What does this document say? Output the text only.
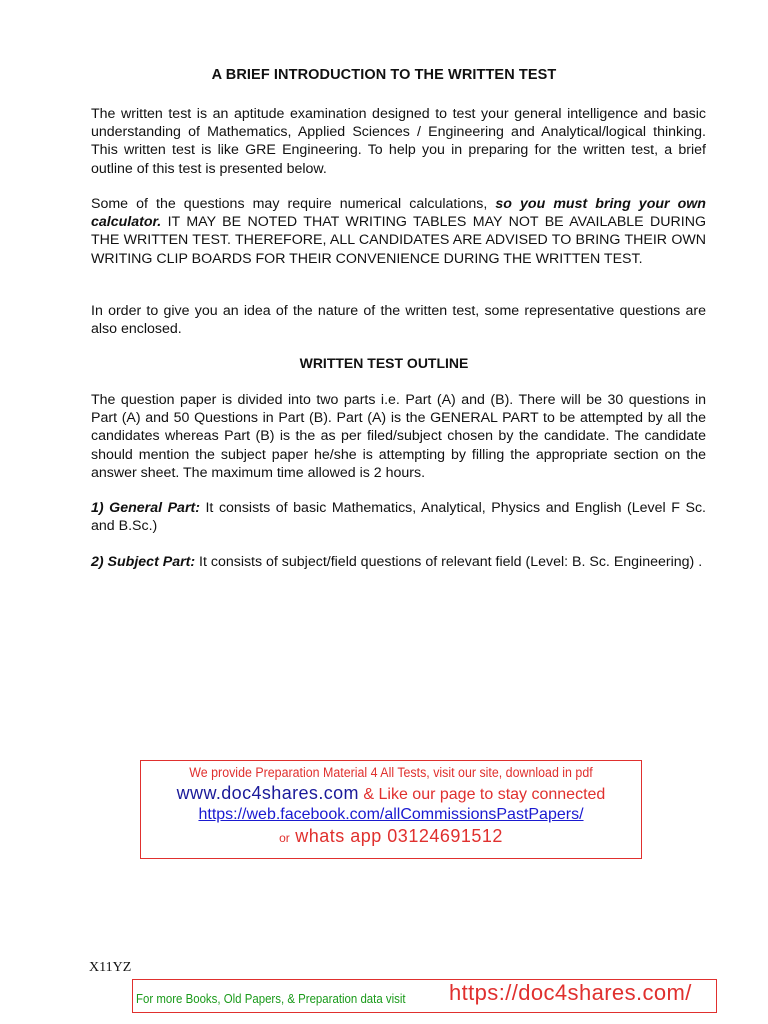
A BRIEF INTRODUCTION TO THE WRITTEN TEST
The written test is an aptitude examination designed to test your general intelligence and basic understanding of Mathematics, Applied Sciences / Engineering and Analytical/logical thinking. This written test is like GRE Engineering. To help you in preparing for the written test, a brief outline of this test is presented below.
Some of the questions may require numerical calculations, so you must bring your own calculator. IT MAY BE NOTED THAT WRITING TABLES MAY NOT BE AVAILABLE DURING THE WRITTEN TEST. THEREFORE, ALL CANDIDATES ARE ADVISED TO BRING THEIR OWN WRITING CLIP BOARDS FOR THEIR CONVENIENCE DURING THE WRITTEN TEST.
In order to give you an idea of the nature of the written test, some representative questions are also enclosed.
WRITTEN TEST OUTLINE
The question paper is divided into two parts i.e. Part (A) and (B). There will be 30 questions in Part (A) and 50 Questions in Part (B). Part (A) is the GENERAL PART to be attempted by all the candidates whereas Part (B) is the as per filed/subject chosen by the candidate. The candidate should mention the subject paper he/she is attempting by filling the appropriate section on the answer sheet. The maximum time allowed is 2 hours.
1) General Part: It consists of basic Mathematics, Analytical, Physics and English (Level F Sc. and B.Sc.)
2) Subject Part: It consists of subject/field questions of relevant field (Level: B. Sc. Engineering) .
We provide Preparation Material 4 All Tests, visit our site, download in pdf
www.doc4shares.com & Like our page to stay connected
https://web.facebook.com/allCommissionsPastPapers/
or whats app 03124691512
X11YZ
For more Books, Old Papers, & Preparation data visit https://doc4shares.com/
